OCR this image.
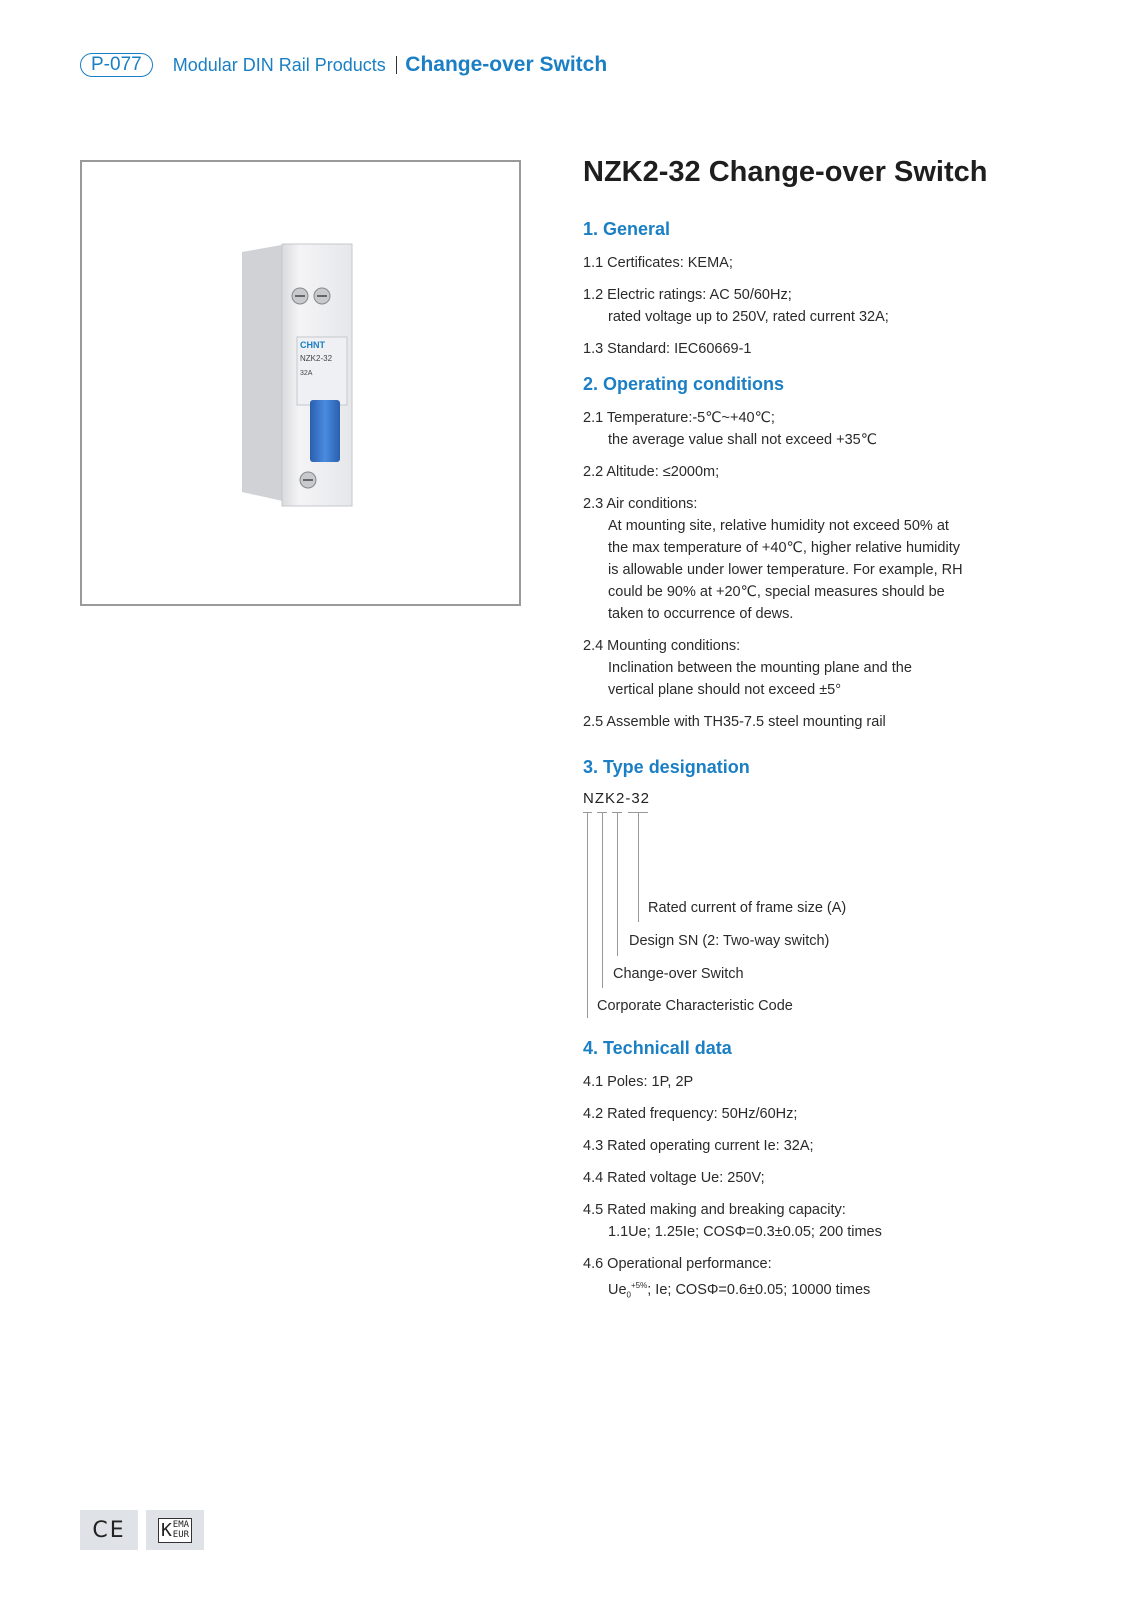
P-077	Modular DIN Rail Products Change-over Switch
CHNT
NZK2-32
32A
NZK2-32 Change-over Switch
1. General
1.1 Certificates: KEMA;
1.2 Electric ratings: AC 50/60Hz;
rated voltage up to 250V, rated current 32A;
1.3 Standard: IEC60669-1
2. Operating conditions
2.1 Temperature:-5℃~+40℃;
the average value shall not exceed +35℃
2.2 Altitude: ≤2000m;
2.3 Air conditions:
At mounting site, relative humidity not exceed 50% at the max temperature of +40℃, higher relative humidity is allowable under lower temperature. For example, RH could be 90% at +20℃, special measures should be taken to occurrence of dews.
2.4 Mounting conditions:
Inclination between the mounting plane and the vertical plane should not exceed ±5°
2.5 Assemble with TH35-7.5 steel mounting rail
3. Type designation
NZK2-32
Rated current of frame size (A)
Design SN (2: Two-way switch)
Change-over Switch
Corporate Characteristic Code
4. Technicall data
4.1 Poles: 1P, 2P
4.2 Rated frequency: 50Hz/60Hz;
4.3 Rated operating current Ie: 32A;
4.4 Rated voltage Ue: 250V;
4.5 Rated making and breaking capacity:
1.1Ue; 1.25Ie; COSΦ=0.3±0.05; 200 times
4.6 Operational performance:
$Ue_0^{+5\%}$; Ie; COSΦ=0.6±0.05; 10000 times
CE K EMA
EUR
